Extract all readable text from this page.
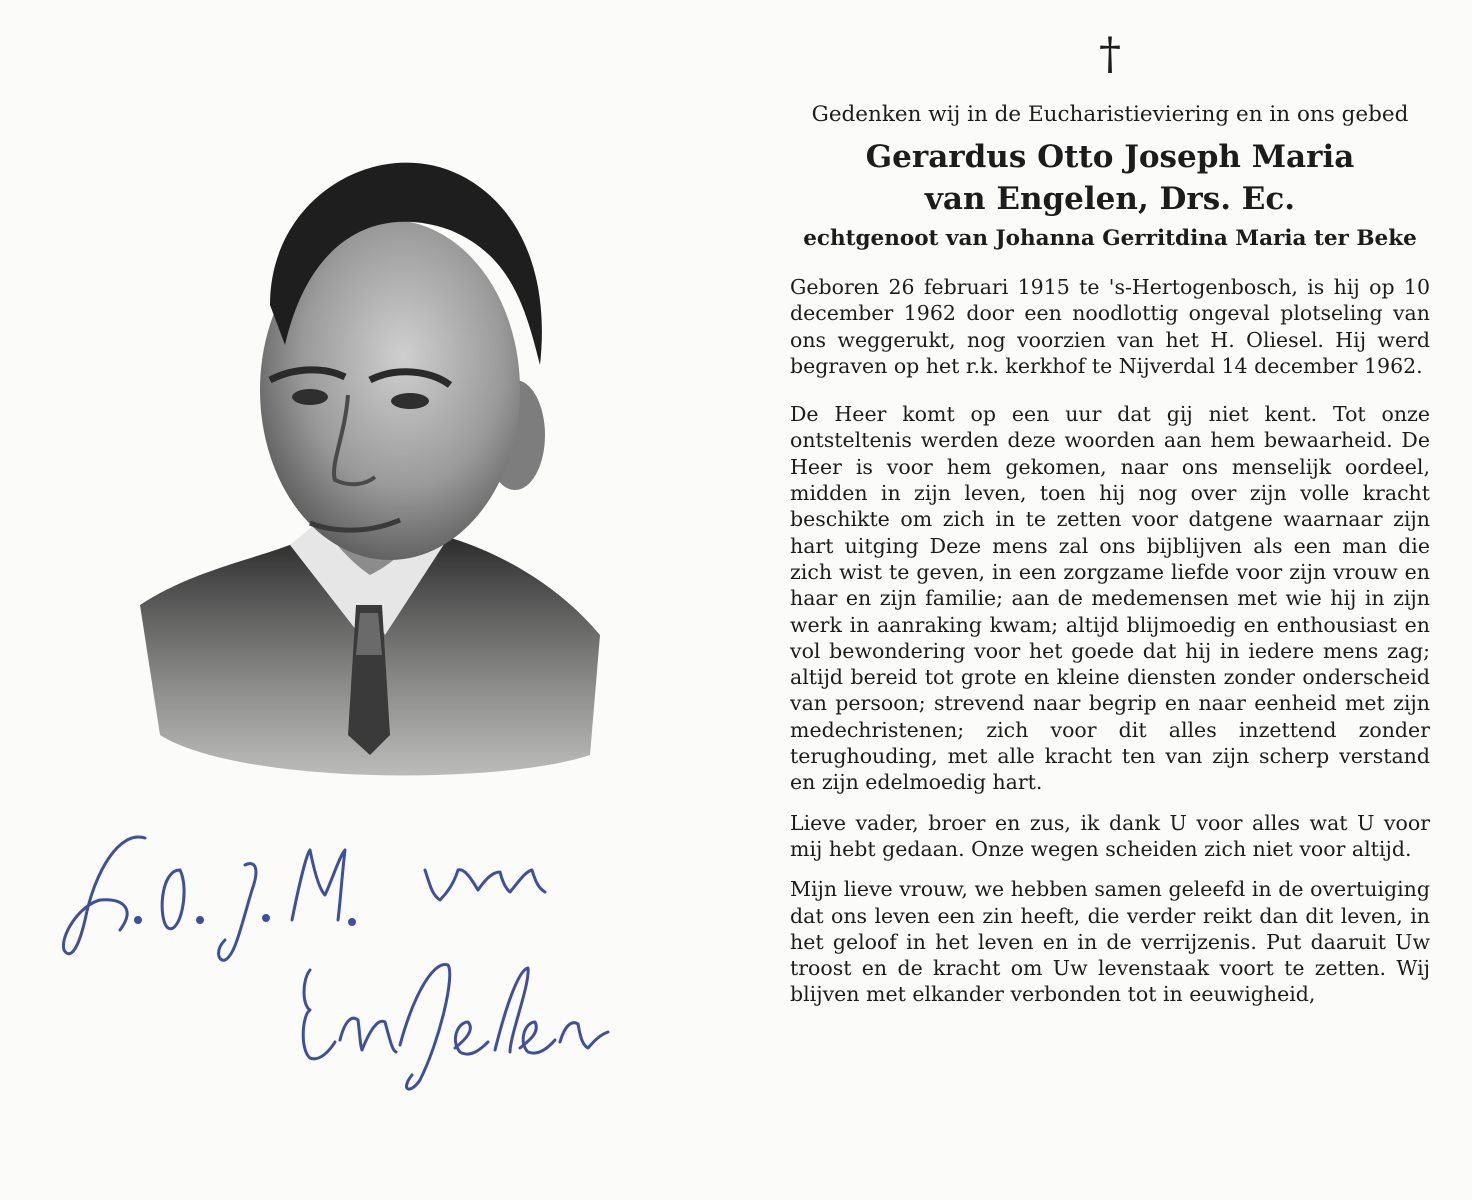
†

Gedenken wij in de Eucharistieviering en in ons gebed

Gerardus Otto Joseph Maria

van Engelen, Drs. Ec.

echtgenoot van Johanna Gerritdina Maria ter Beke

Geboren 26 februari 1915 te 's-Hertogenbosch, is hij op 10 december 1962 door een noodlottig ongeval plotseling van ons weggerukt, nog voorzien van het H. Oliesel. Hij werd begraven op het r.k. kerkhof te Nijverdal 14 december 1962.

De Heer komt op een uur dat gij niet kent. Tot onze ontsteltenis werden deze woorden aan hem bewaarheid. De Heer is voor hem gekomen, naar ons menselijk oordeel, midden in zijn leven, toen hij nog over zijn volle kracht beschikte om zich in te zetten voor datgene waarnaar zijn hart uitging Deze mens zal ons bijblijven als een man die zich wist te geven, in een zorgzame liefde voor zijn vrouw en haar en zijn familie; aan de medemensen met wie hij in zijn werk in aanraking kwam; altijd blijmoedig en enthousiast en vol bewondering voor het goede dat hij in iedere mens zag; altijd bereid tot grote en kleine diensten zonder onderscheid van persoon; strevend naar begrip en naar eenheid met zijn medechristenen; zich voor dit alles inzettend zonder terughouding, met alle kracht ten van zijn scherp verstand en zijn edelmoedig hart.

Lieve vader, broer en zus, ik dank U voor alles wat U voor mij hebt gedaan. Onze wegen scheiden zich niet voor altijd.

Mijn lieve vrouw, we hebben samen geleefd in de overtuiging dat ons leven een zin heeft, die verder reikt dan dit leven, in het geloof in het leven en in de verrijzenis. Put daaruit Uw troost en de kracht om Uw levenstaak voort te zetten. Wij blijven met elkander verbonden tot in eeuwigheid,
